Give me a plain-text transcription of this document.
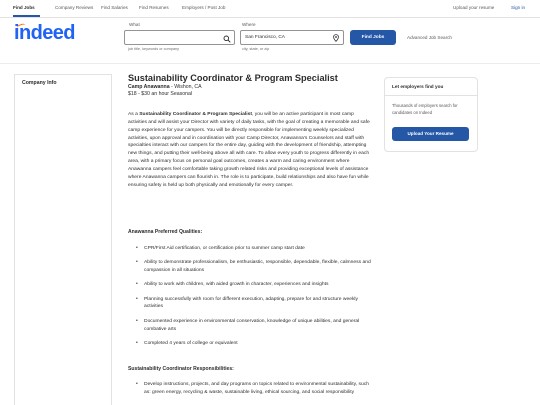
Find Jobs	Company Reviews Find Salaries Find Resumes	Employers / Post Job	Upload your resume	Sign in
indeed	What
job title, keywords or company
Where
San Francisco, CA
city, state, or zip
Find Jobs	Advanced Job Search
Company Info	Sustainability Coordinator & Program Specialist
Camp Anawanna - Wishon, CA
$18 - $30 an hour Seasonal
As a Sustainability Coordinator & Program Specialist, you will be an active participant in most camp activities and will assist your Director with variety of daily tasks, with the goal of creating a memorable and safe camp experience for your campers. You will be directly responsible for implementing weekly specialized activities, upon approval and in coordination with your Camp Director, Anawanna's Counselors and staff with specialties interact with our campers for the entire day, guiding with the development of friendship, attempting new things, and putting their well-being above all with care. To allow every youth to progress differently in each area, with a primary focus on personal goal outcomes, creates a warm and caring environment where Anawanna campers feel comfortable taking growth related risks and providing exceptional levels of assistance where Anawanna campers can flourish in. The role is to participate, build relationships and also have fun while ensuring safety is held up both physically and emotionally for every camper.
Anawanna Preferred Qualities:
• CPR/First Aid certification, or certification prior to summer camp start date
• Ability to demonstrate professionalism, be enthusiastic, responsible, dependable, flexible, calmness and compassion in all situations
• Ability to work with children, with aided growth in character, experiences and insights
• Planning successfully with room for different execution, adapting, prepare for and structure weekly activities
• Documented experience in environmental conservation, knowledge of unique abilities, and general combative arts
• Completed 4 years of college or equivalent
Sustainability Coordinator Responsibilities:
• Develop instructions, projects, and day programs on topics related to environmental sustainability, such as: green energy, recycling & waste, sustainable living, ethical sourcing, and social responsibility
Let employers find you
Thousands of employers search for candidates on Indeed
Upload Your Resume
